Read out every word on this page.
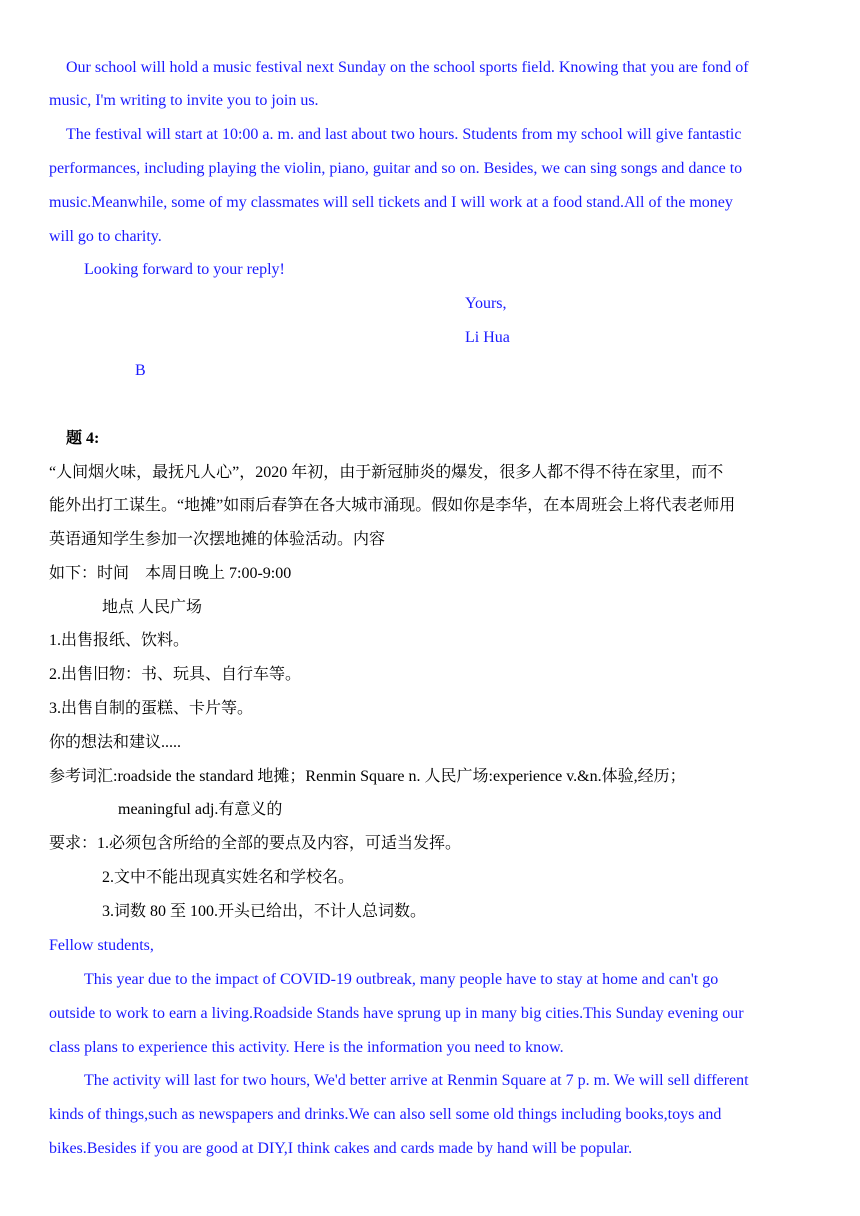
Our school will hold a music festival next Sunday on the school sports field. Knowing that you are fond of
music, I'm writing to invite you to join us.
The festival will start at 10:00 a. m. and last about two hours. Students from my school will give fantastic
performances, including playing the violin, piano, guitar and so on. Besides, we can sing songs and dance to
music.Meanwhile, some of my classmates will sell tickets and I will work at a food stand.All of the money
will go to charity.
Looking forward to your reply!
Yours,
Li Hua
B
题 4:
“人间烟火味，最抚凡人心”，2020 年初，由于新冠肺炎的爆发，很多人都不得不待在家里，而不
能外出打工谋生。“地摊”如雨后春笋在各大城市涌现。假如你是李华，在本周班会上将代表老师用
英语通知学生参加一次摆地摊的体验活动。内容
如下：时间　本周日晚上 7:00-9:00
地点 人民广场
1.出售报纸、饮料。
2.出售旧物：书、玩具、自行车等。
3.出售自制的蛋糕、卡片等。
你的想法和建议.....
参考词汇:roadside the standard 地摊；Renmin Square n. 人民广场:experience v.&n.体验,经历；
meaningful adj.有意义的
要求：1.必须包含所给的全部的要点及内容，可适当发挥。
2.文中不能出现真实姓名和学校名。
3.词数 80 至 100.开头已给出，不计人总词数。
Fellow students,
This year due to the impact of COVID-19 outbreak, many people have to stay at home and can't go
outside to work to earn a living.Roadside Stands have sprung up in many big cities.This Sunday evening our
class plans to experience this activity. Here is the information you need to know.
The activity will last for two hours, We'd better arrive at Renmin Square at 7 p. m. We will sell different
kinds of things,such as newspapers and drinks.We can also sell some old things including books,toys and
bikes.Besides if you are good at DIY,I think cakes and cards made by hand will be popular.
